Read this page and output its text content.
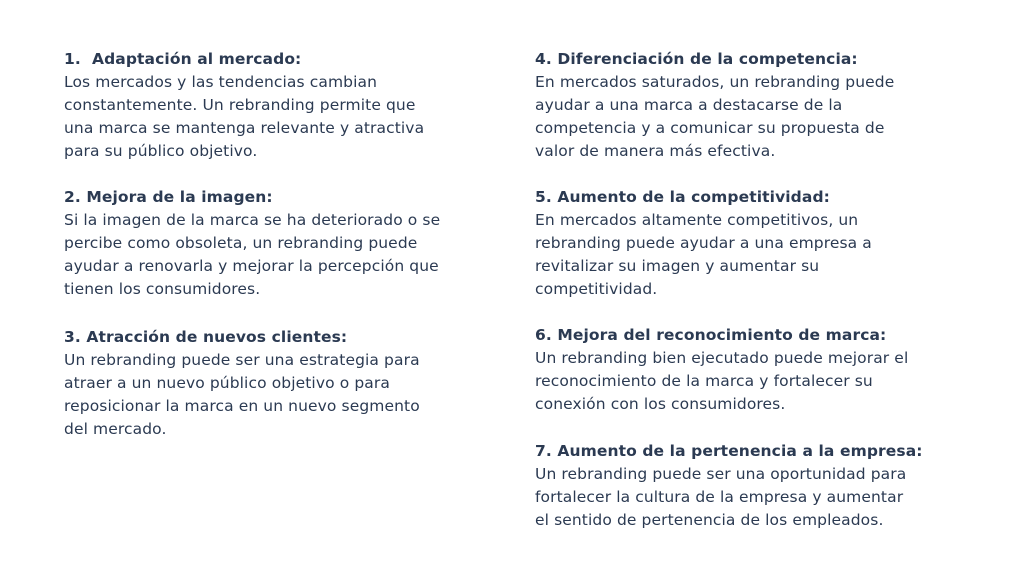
1. Adaptación al mercado:

Los mercados y las tendencias cambian
constantemente. Un rebranding permite que
una marca se mantenga relevante y atractiva
para su público objetivo.

2. Mejora de la imagen:

Si la imagen de la marca se ha deteriorado o se
percibe como obsoleta, un rebranding puede
ayudar a renovarla y mejorar la percepción que
tienen los consumidores.

3. Atracción de nuevos clientes:

Un rebranding puede ser una estrategia para
atraer a un nuevo público objetivo o para
reposicionar la marca en un nuevo segmento
del mercado.

4. Diferenciación de la competencia:

En mercados saturados, un rebranding puede
ayudar a una marca a destacarse de la
competencia y a comunicar su propuesta de
valor de manera más efectiva.

5. Aumento de la competitividad:

En mercados altamente competitivos, un
rebranding puede ayudar a una empresa a
revitalizar su imagen y aumentar su
competitividad.

6. Mejora del reconocimiento de marca:

Un rebranding bien ejecutado puede mejorar el
reconocimiento de la marca y fortalecer su
conexión con los consumidores.

7. Aumento de la pertenencia a la empresa:

Un rebranding puede ser una oportunidad para
fortalecer la cultura de la empresa y aumentar
el sentido de pertenencia de los empleados.
